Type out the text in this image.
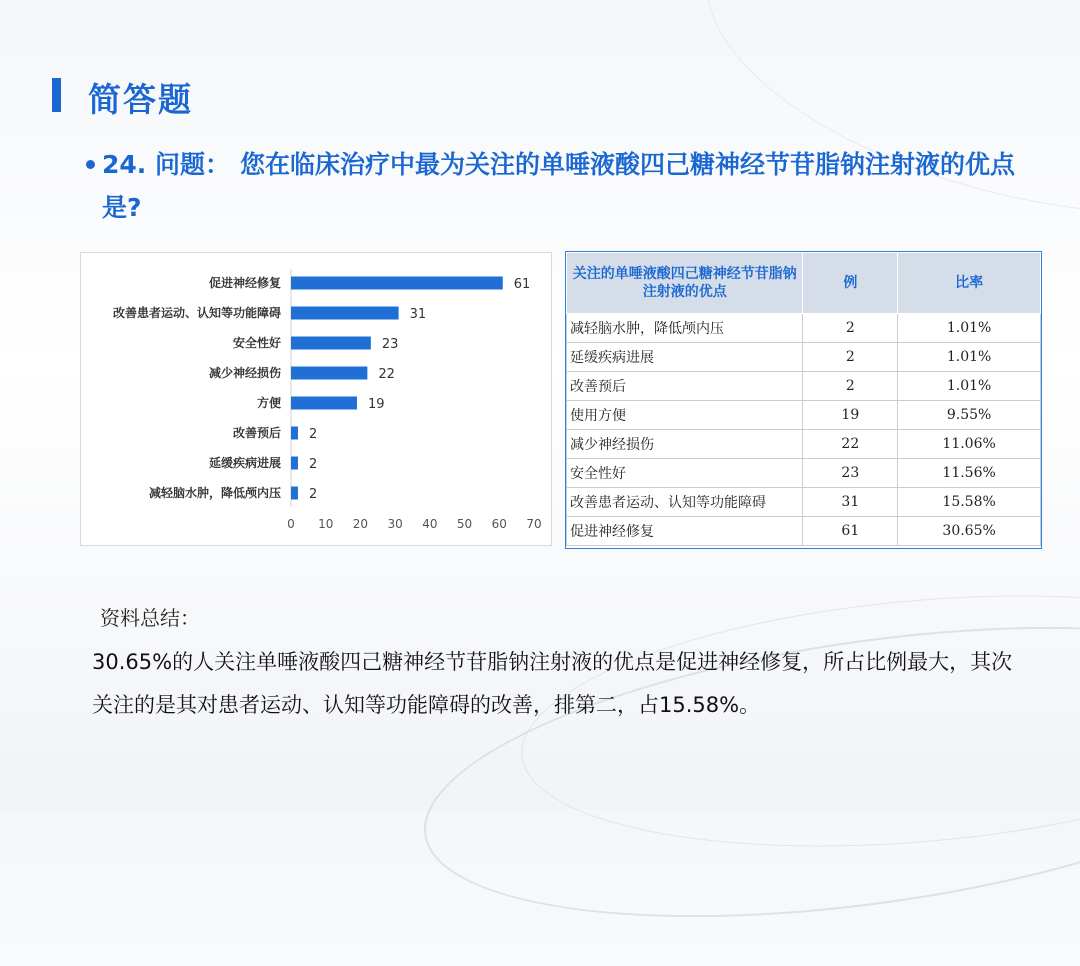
简答题
24. 问题： 您在临床治疗中最为关注的单唾液酸四己糖神经节苷脂钠注射液的优点是?
促进神经修复	61
改善患者运动、认知等功能障碍	31
安全性好	23
减少神经损伤	22
方便	19
改善预后 2
延缓疾病进展 2
减轻脑水肿，降低颅内压 2
0 10 20 30 40 50 60 70
关注的单唾液酸四己糖神经节苷脂钠注射液的优点	例	比率
减轻脑水肿，降低颅内压	2	1.01%
延缓疾病进展	2	1.01%
改善预后	2	1.01%
使用方便	19	9.55%
减少神经损伤	22	11.06%
安全性好	23	11.56%
改善患者运动、认知等功能障碍	31	15.58%
促进神经修复	61	30.65%
资料总结：
30.65%的人关注单唾液酸四己糖神经节苷脂钠注射液的优点是促进神经修复，所占比例最大，其次关注的是其对患者运动、认知等功能障碍的改善，排第二，占15.58%。
